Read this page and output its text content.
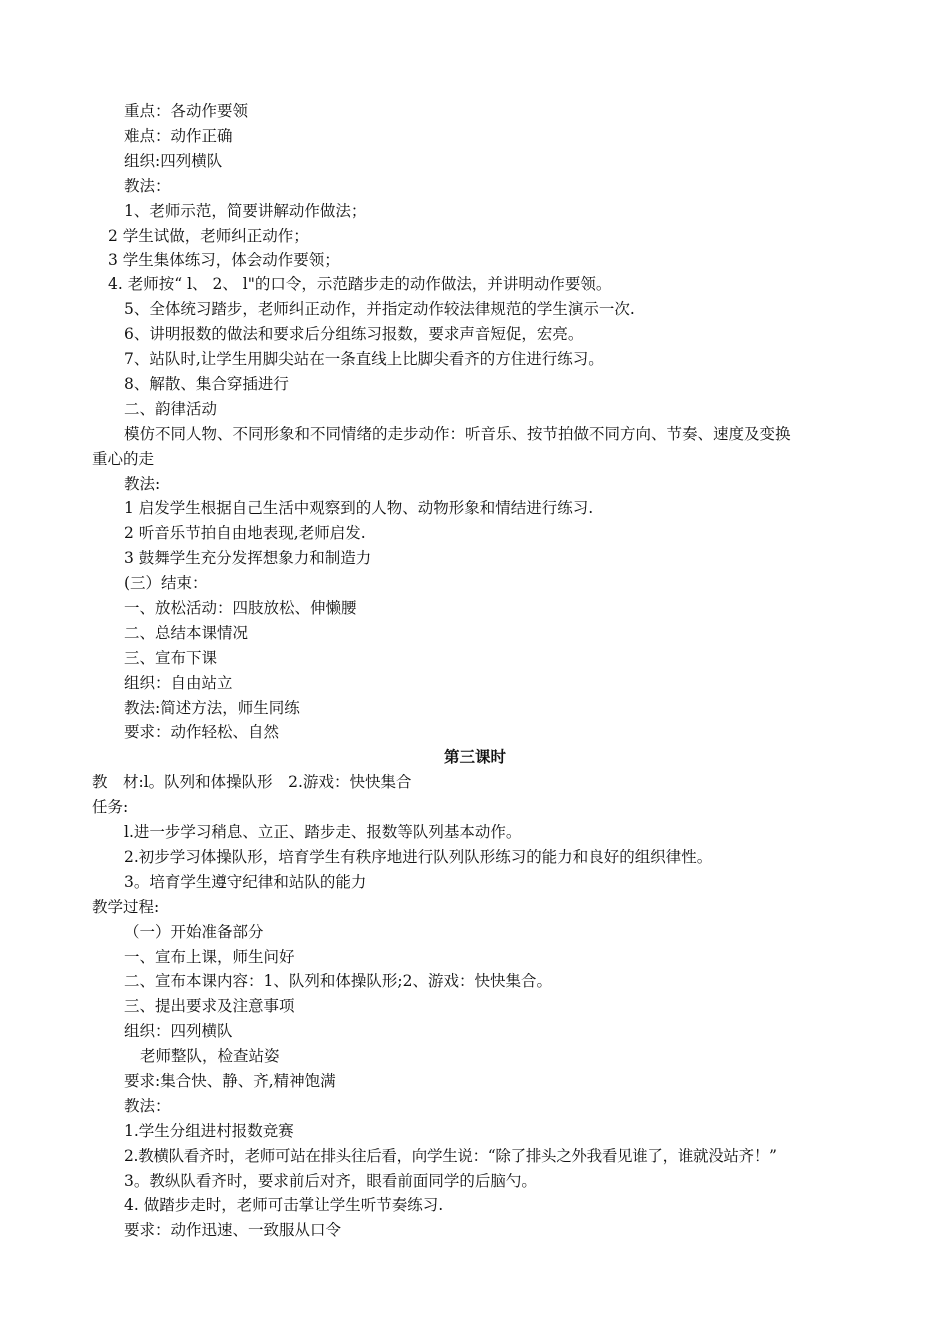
重点：各动作要领
难点：动作正确
组织:四列横队
教法：
1、老师示范，简要讲解动作做法；
2 学生试做，老师纠正动作；
3 学生集体练习，体会动作要领；
4. 老师按“ l、 2、 l"的口令，示范踏步走的动作做法，并讲明动作要领。
5、全体统习踏步，老师纠正动作，并指定动作较法律规范的学生演示一次.
6、讲明报数的做法和要求后分组练习报数，要求声音短促，宏亮。
7、站队时,让学生用脚尖站在一条直线上比脚尖看齐的方住进行练习。
8、解散、集合穿插进行
二、韵律活动
模仿不同人物、不同形象和不同情绪的走步动作：听音乐、按节拍做不同方向、节奏、速度及变换
重心的走
教法:
1 启发学生根据自己生活中观察到的人物、动物形象和情结进行练习.
2 听音乐节拍自由地表现,老师启发.
3 鼓舞学生充分发挥想象力和制造力
(三）结束：
一、放松活动：四肢放松、伸懒腰
二、总结本课情况
三、宣布下课
组织：自由站立
教法:简述方法，师生同练
要求：动作轻松、自然
第三课时
教　材:l。队列和体操队形　2.游戏：快快集合
任务:
l.进一步学习稍息、立正、踏步走、报数等队列基本动作。
2.初步学习体操队形，培育学生有秩序地进行队列队形练习的能力和良好的组织律性。
3。培育学生遵守纪律和站队的能力
教学过程:
（一）开始准备部分
一、宣布上课，师生问好
二、宣布本课内容：1、队列和体操队形;2、游戏：快快集合。
三、提出要求及注意事项
组织：四列横队
老师整队，检查站姿
要求:集合快、静、齐,精神饱满
教法：
1.学生分组进村报数竞赛
2.教横队看齐时，老师可站在排头往后看，向学生说：“除了排头之外我看见谁了，谁就没站齐！”
3。教纵队看齐时，要求前后对齐，眼看前面同学的后脑勺。
4. 做踏步走时，老师可击掌让学生听节奏练习.
要求：动作迅速、一致服从口令
